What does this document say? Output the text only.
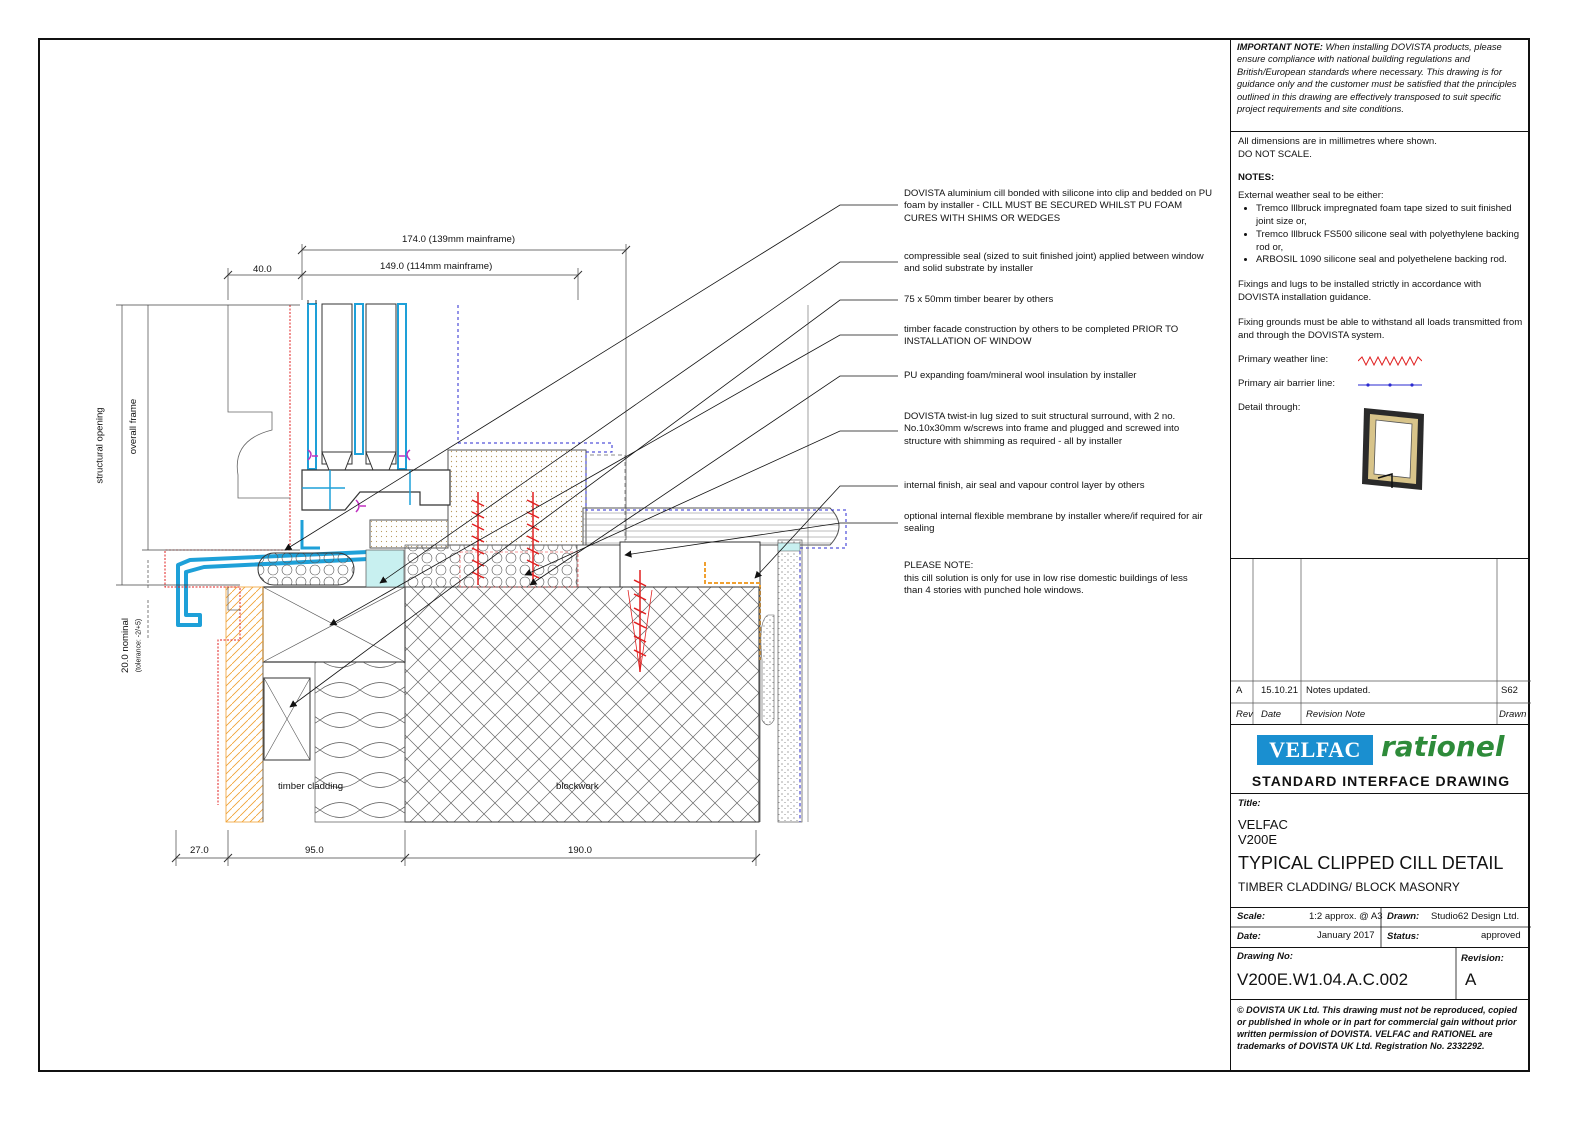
174.0 (139mm mainframe)
149.0 (114mm mainframe)
40.0
27.0	95.0	190.0
structural opening overall frame
20.0 nominal (tolerance: -2/+5)
timber cladding	blockwork
DOVISTA aluminium cill bonded with silicone into clip and bedded on PU foam by installer - CILL MUST BE SECURED WHILST PU FOAM CURES WITH SHIMS OR WEDGES
compressible seal (sized to suit finished joint) applied between window and solid substrate by installer
75 x 50mm timber bearer by others
timber facade construction by others to be completed PRIOR TO INSTALLATION OF WINDOW
PU expanding foam/mineral wool insulation by installer
DOVISTA twist-in lug sized to suit structural surround, with 2 no. No.10x30mm w/screws into frame and plugged and screwed into structure with shimming as required - all by installer
internal finish, air seal and vapour control layer by others
optional internal flexible membrane by installer where/if required for air sealing
PLEASE NOTE:
this cill solution is only for use in low rise domestic buildings of less than 4 stories with punched hole windows.
IMPORTANT NOTE: When installing DOVISTA products, please ensure compliance with national building regulations and British/European standards where necessary. This drawing is for guidance only and the customer must be satisfied that the principles outlined in this drawing are effectively transposed to suit specific project requirements and site conditions.

All dimensions are in millimetres where shown.

DO NOT SCALE.

NOTES:

External weather seal to be either:

• Tremco Illbruck impregnated foam tape sized to suit finished joint size or,
• Tremco Illbruck FS500 silicone seal with polyethylene backing rod or,
• ARBOSIL 1090 silicone seal and polyethelene backing rod.

Fixings and lugs to be installed strictly in accordance with DOVISTA installation guidance.

Fixing grounds must be able to withstand all loads transmitted from and through the DOVISTA system.

Primary weather line:
Primary air barrier line:
Detail through:
A 15.10.21 Notes updated.	S62
Rev Date	Revision Note	Drawn
VELFAC rationel
STANDARD INTERFACE DRAWING
Title:
VELFAC
V200E
TYPICAL CLIPPED CILL DETAIL
TIMBER CLADDING/ BLOCK MASONRY
Scale:	1:2 approx. @ A3 Drawn: Studio62 Design Ltd.
Date:	January 2017 Status:	approved
Drawing No:
V200E.W1.04.A.C.002
Revision:
A
© DOVISTA UK Ltd. This drawing must not be reproduced, copied or published in whole or in part for commercial gain without prior written permission of DOVISTA. VELFAC and RATIONEL are trademarks of DOVISTA UK Ltd. Registration No. 2332292.
